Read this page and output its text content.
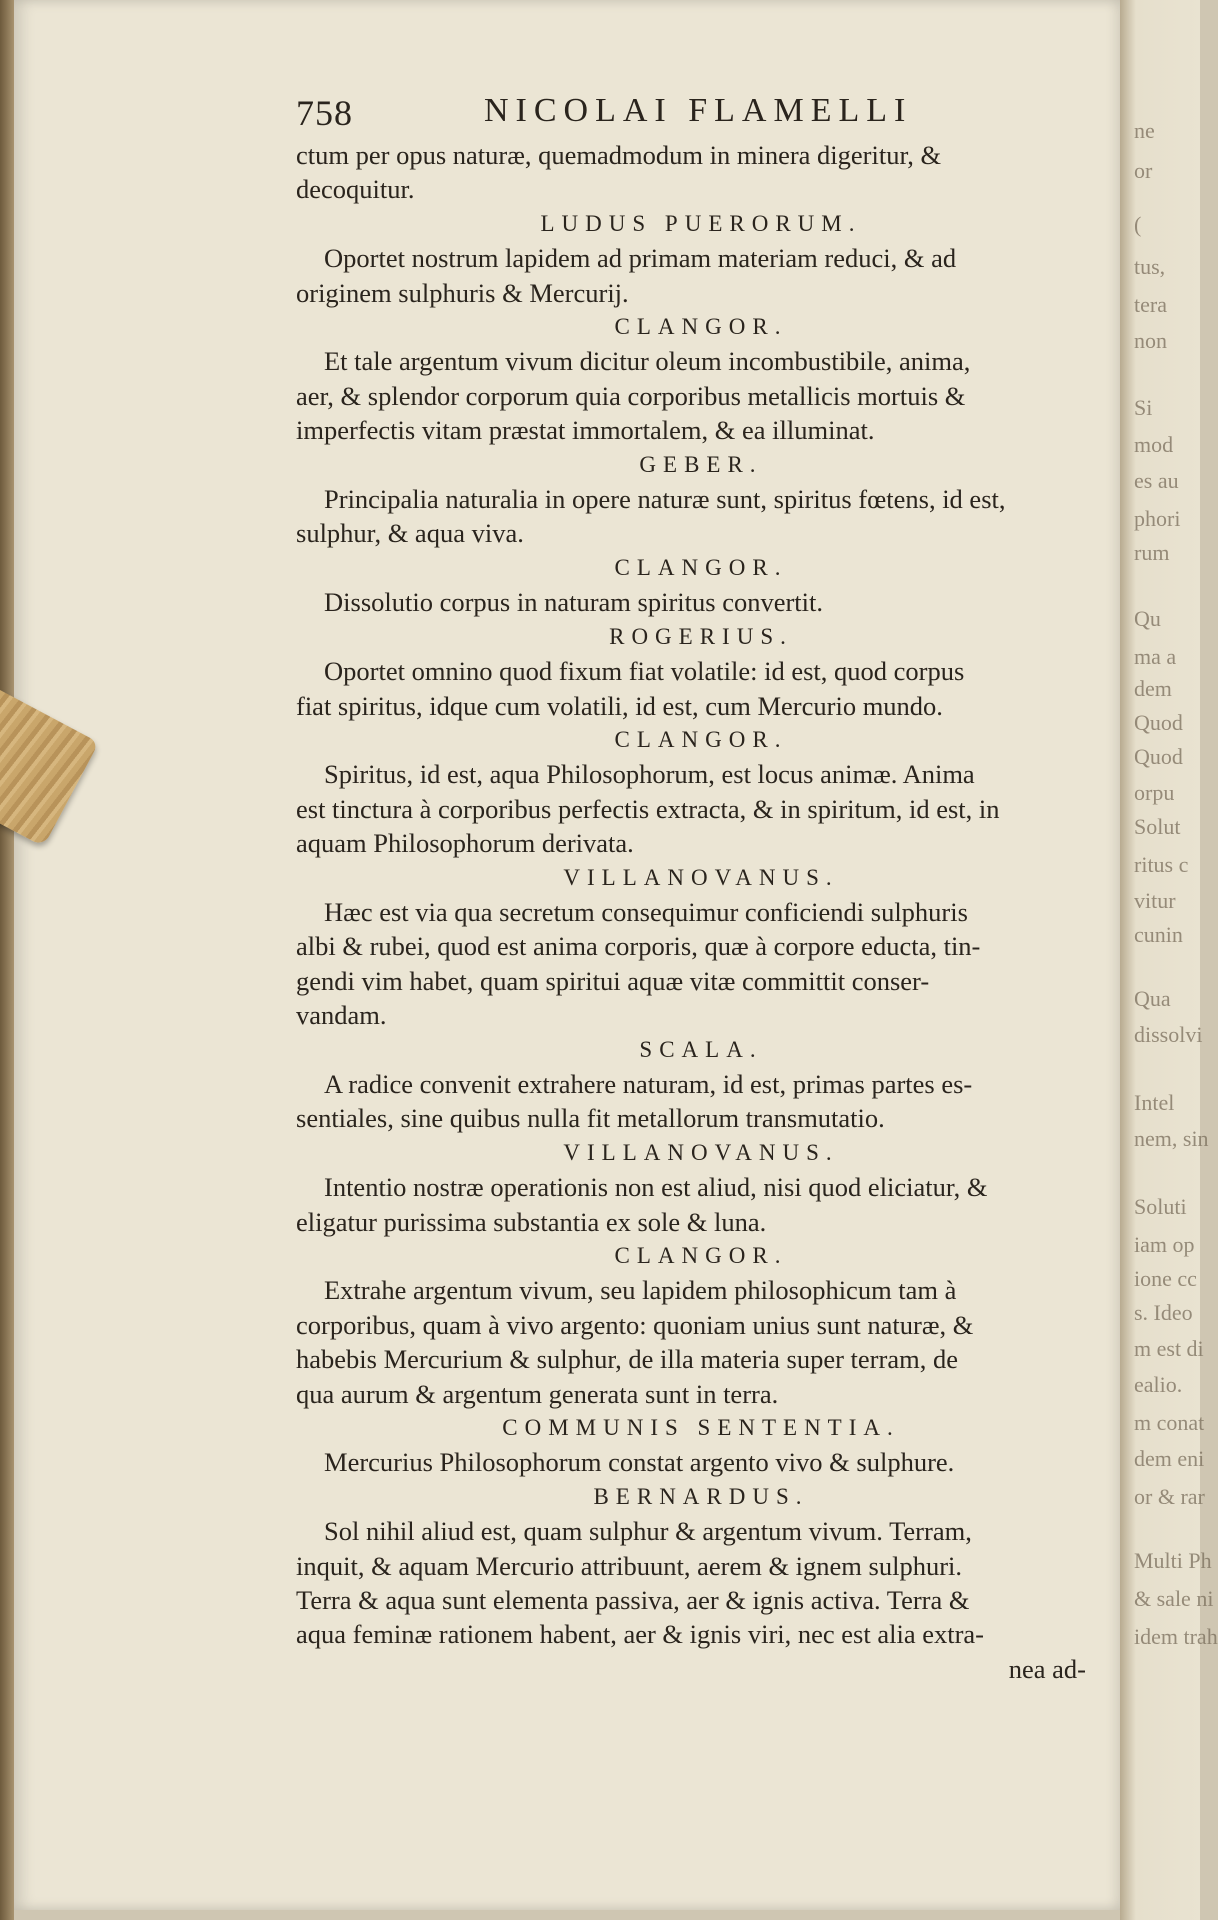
ne
or
(
tus,
tera
non
Si
mod
es au
phori
rum
Qu
ma a
dem
Quod
Quod
orpu
Solut
ritus c
vitur
cunin
Qua
dissolvi
Intel
nem, sin
Soluti
iam op
ione cc
s. Ideo
m est di
ealio.
m conat
dem eni
or & rar
Multi Ph
& sale ni
idem trah
758	NICOLAI FLAMELLI
ctum per opus naturæ, quemadmodum in minera digeritur, &
decoquitur.
LUDUS PUERORUM.
Oportet nostrum lapidem ad primam materiam reduci, & ad
originem sulphuris & Mercurij.
CLANGOR.
Et tale argentum vivum dicitur oleum incombustibile, anima,
aer, & splendor corporum quia corporibus metallicis mortuis &
imperfectis vitam præstat immortalem, & ea illuminat.
GEBER.
Principalia naturalia in opere naturæ sunt, spiritus fœtens, id est,
sulphur, & aqua viva.
CLANGOR.
Dissolutio corpus in naturam spiritus convertit.
ROGERIUS.
Oportet omnino quod fixum fiat volatile: id est, quod corpus
fiat spiritus, idque cum volatili, id est, cum Mercurio mundo.
CLANGOR.
Spiritus, id est, aqua Philosophorum, est locus animæ. Anima
est tinctura à corporibus perfectis extracta, & in spiritum, id est, in
aquam Philosophorum derivata.
VILLANOVANUS.
Hæc est via qua secretum consequimur conficiendi sulphuris
albi & rubei, quod est anima corporis, quæ à corpore educta, tin-
gendi vim habet, quam spiritui aquæ vitæ committit conser-
vandam.
SCALA.
A radice convenit extrahere naturam, id est, primas partes es-
sentiales, sine quibus nulla fit metallorum transmutatio.
VILLANOVANUS.
Intentio nostræ operationis non est aliud, nisi quod eliciatur, &
eligatur purissima substantia ex sole & luna.
CLANGOR.
Extrahe argentum vivum, seu lapidem philosophicum tam à
corporibus, quam à vivo argento: quoniam unius sunt naturæ, &
habebis Mercurium & sulphur, de illa materia super terram, de
qua aurum & argentum generata sunt in terra.
COMMUNIS SENTENTIA.
Mercurius Philosophorum constat argento vivo & sulphure.
BERNARDUS.
Sol nihil aliud est, quam sulphur & argentum vivum. Terram,
inquit, & aquam Mercurio attribuunt, aerem & ignem sulphuri.
Terra & aqua sunt elementa passiva, aer & ignis activa. Terra &
aqua feminæ rationem habent, aer & ignis viri, nec est alia extra-
nea ad-
